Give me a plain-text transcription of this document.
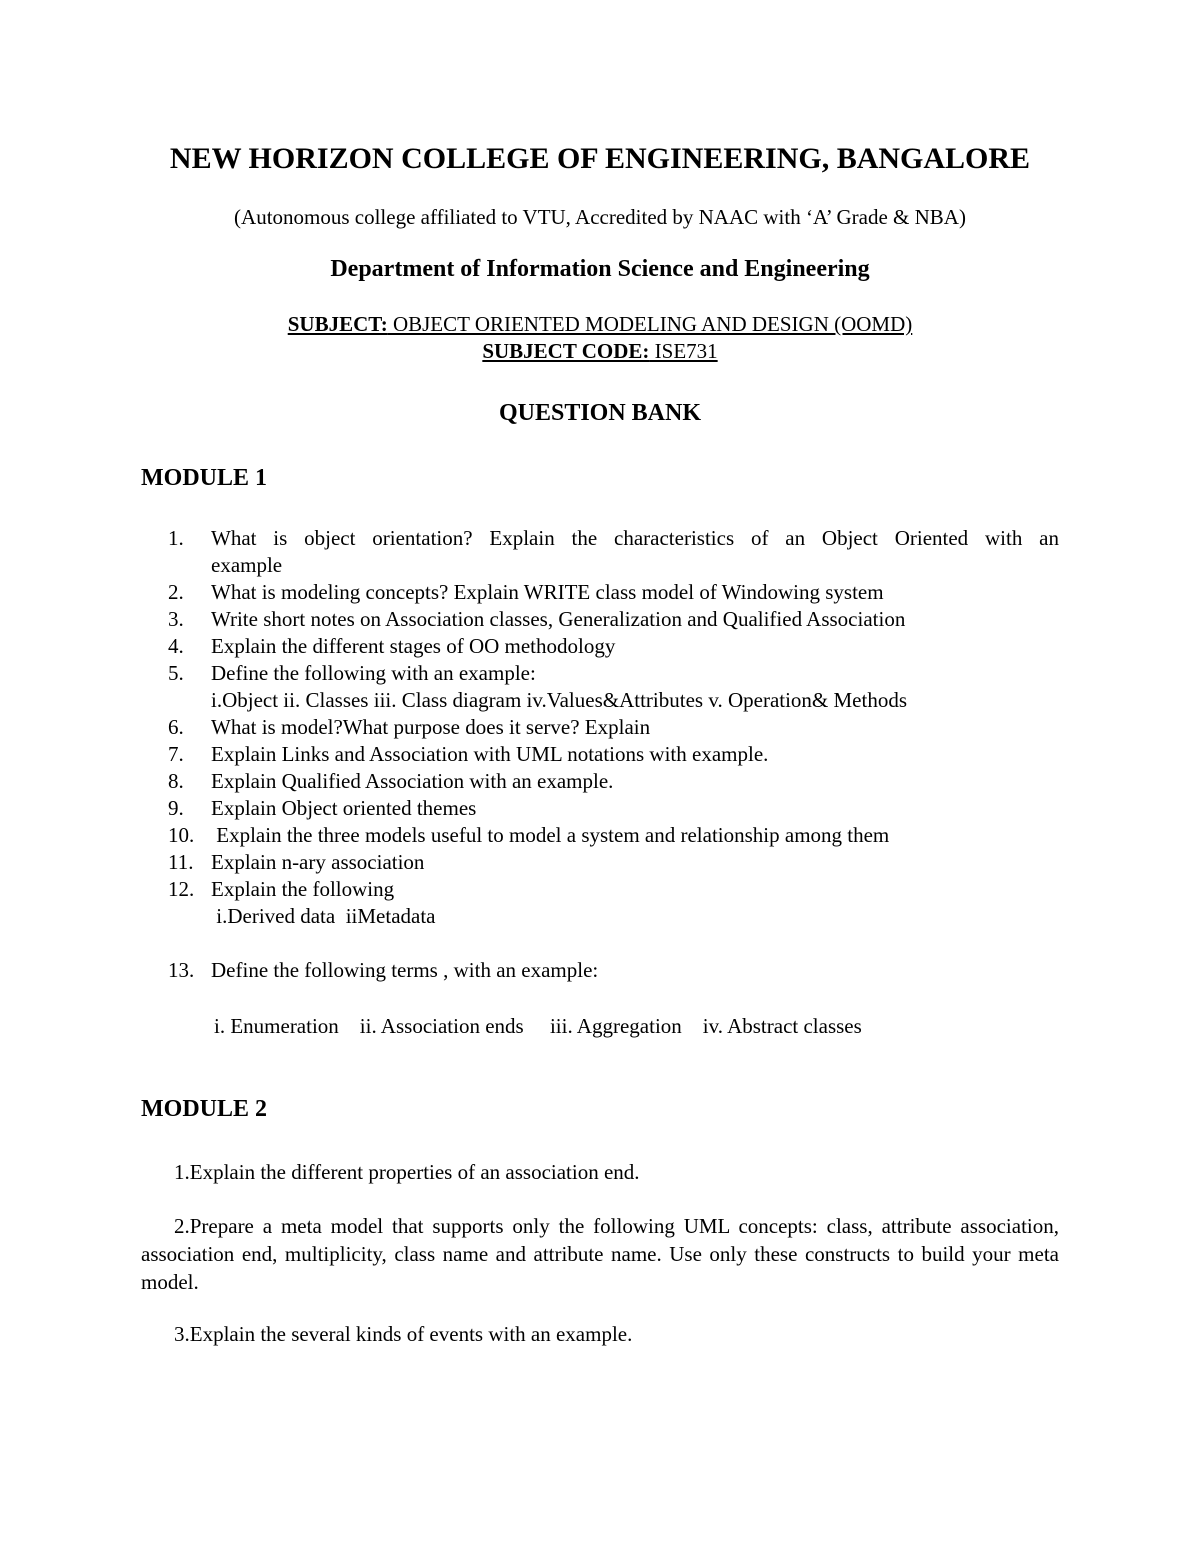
NEW HORIZON COLLEGE OF ENGINEERING, BANGALORE
(Autonomous college affiliated to VTU, Accredited by NAAC with ‘A’ Grade & NBA)
Department of Information Science and Engineering
SUBJECT: OBJECT ORIENTED MODELING AND DESIGN (OOMD)
SUBJECT CODE: ISE731
QUESTION BANK
MODULE 1
1. What is object orientation? Explain the characteristics of an Object Oriented with an
example
2. What is modeling concepts? Explain WRITE class model of Windowing system
3. Write short notes on Association classes, Generalization and Qualified Association
4. Explain the different stages of OO methodology
5. Define the following with an example:
i.Object ii. Classes iii. Class diagram iv.Values&Attributes v. Operation& Methods
6. What is model?What purpose does it serve? Explain
7. Explain Links and Association with UML notations with example.
8. Explain Qualified Association with an example.
9. Explain Object oriented themes
10. Explain the three models useful to model a system and relationship among them
11. Explain n-ary association
12. Explain the following
i.Derived data  iiMetadata
13. Define the following terms , with an example:
i. Enumeration    ii. Association ends     iii. Aggregation    iv. Abstract classes
MODULE 2
1.Explain the different properties of an association end.
2.Prepare a meta model that supports only the following UML concepts: class, attribute association, association end, multiplicity, class name and attribute name. Use only these constructs to build your meta model.
3.Explain the several kinds of events with an example.
